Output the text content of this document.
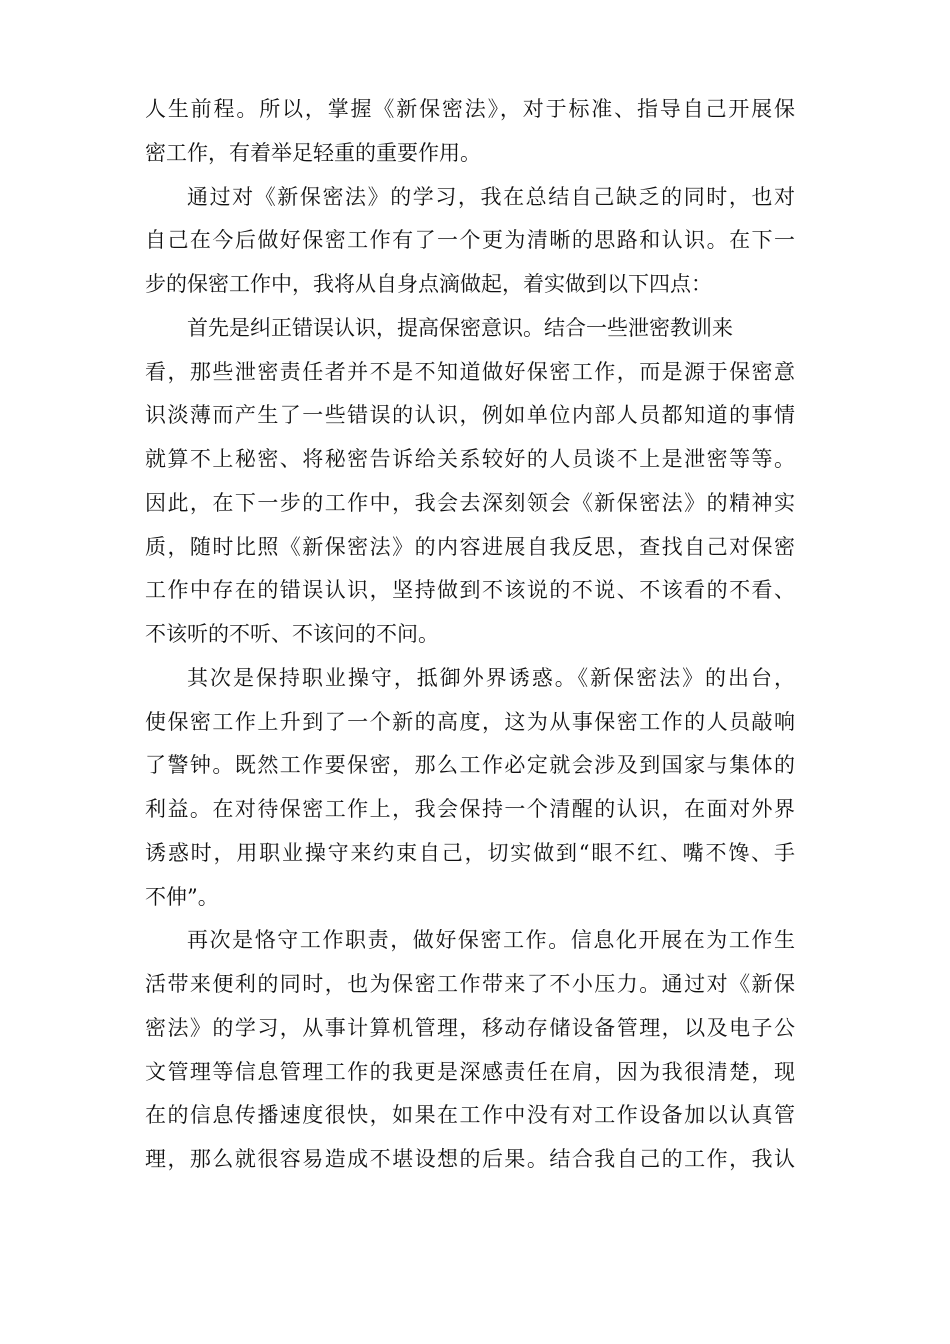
人生前程。所以，掌握《新保密法》，对于标准、指导自己开展保
密工作，有着举足轻重的重要作用。
通过对《新保密法》的学习，我在总结自己缺乏的同时，也对
自己在今后做好保密工作有了一个更为清晰的思路和认识。在下一
步的保密工作中，我将从自身点滴做起，着实做到以下四点：
首先是纠正错误认识，提高保密意识。结合一些泄密教训来
看，那些泄密责任者并不是不知道做好保密工作，而是源于保密意
识淡薄而产生了一些错误的认识，例如单位内部人员都知道的事情
就算不上秘密、将秘密告诉给关系较好的人员谈不上是泄密等等。
因此，在下一步的工作中，我会去深刻领会《新保密法》的精神实
质，随时比照《新保密法》的内容进展自我反思，查找自己对保密
工作中存在的错误认识，坚持做到不该说的不说、不该看的不看、
不该听的不听、不该问的不问。
其次是保持职业操守，抵御外界诱惑。《新保密法》的出台，
使保密工作上升到了一个新的高度，这为从事保密工作的人员敲响
了警钟。既然工作要保密，那么工作必定就会涉及到国家与集体的
利益。在对待保密工作上，我会保持一个清醒的认识，在面对外界
诱惑时，用职业操守来约束自己，切实做到“眼不红、嘴不馋、手
不伸”。
再次是恪守工作职责，做好保密工作。信息化开展在为工作生
活带来便利的同时，也为保密工作带来了不小压力。通过对《新保
密法》的学习，从事计算机管理，移动存储设备管理，以及电子公
文管理等信息管理工作的我更是深感责任在肩，因为我很清楚，现
在的信息传播速度很快，如果在工作中没有对工作设备加以认真管
理，那么就很容易造成不堪设想的后果。结合我自己的工作，我认
